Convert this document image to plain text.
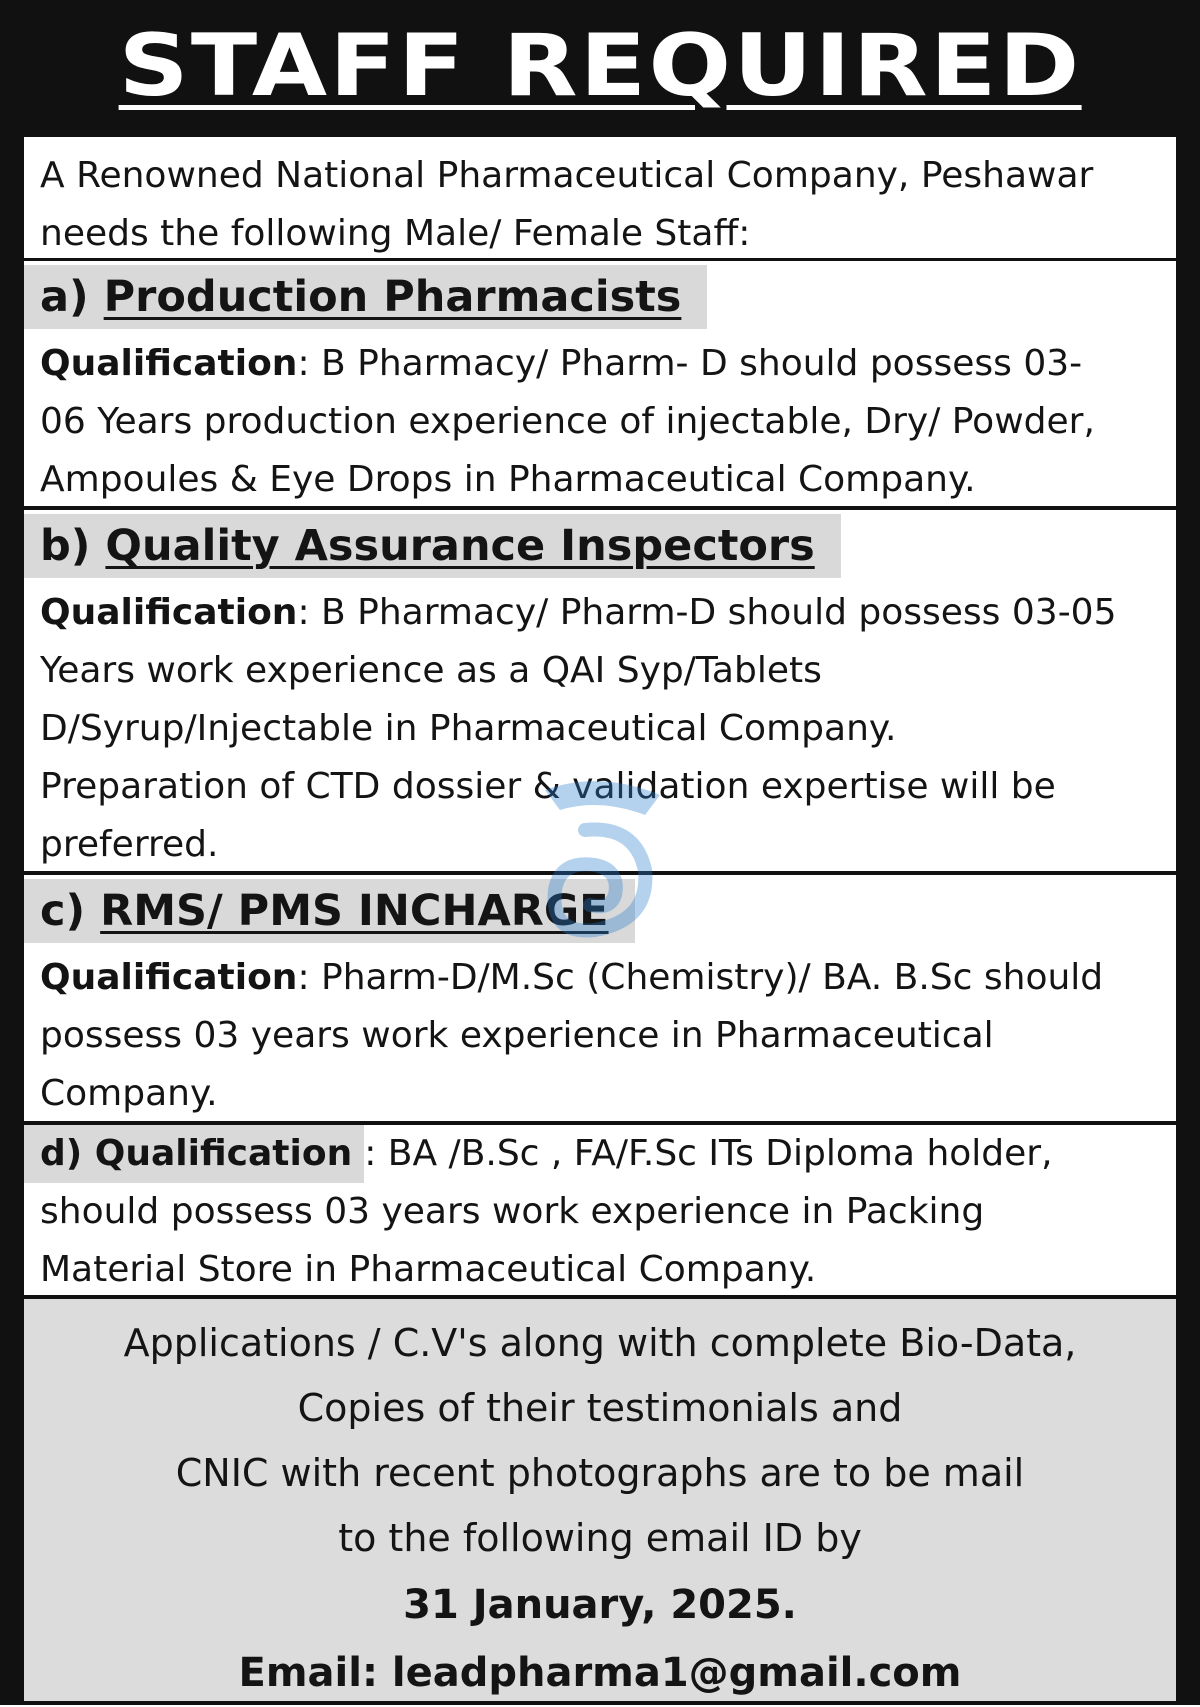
STAFF REQUIRED

A Renowned National Pharmaceutical Company, Peshawar

needs the following Male/ Female Staff:

a) Production Pharmacists

Qualification: B Pharmacy/ Pharm- D should possess 03-

06 Years production experience of injectable, Dry/ Powder,

Ampoules & Eye Drops in Pharmaceutical Company.

b) Quality Assurance Inspectors

Qualification: B Pharmacy/ Pharm-D should possess 03-05

Years work experience as a QAI Syp/Tablets

D/Syrup/Injectable in Pharmaceutical Company.

Preparation of CTD dossier & validation expertise will be

preferred.

c) RMS/ PMS INCHARGE

Qualification: Pharm-D/M.Sc (Chemistry)/ BA. B.Sc should

possess 03 years work experience in Pharmaceutical

Company.

d) Qualification : BA /B.Sc , FA/F.Sc ITs Diploma holder,

should possess 03 years work experience in Packing

Material Store in Pharmaceutical Company.

Applications / C.V's along with complete Bio-Data,

Copies of their testimonials and

CNIC with recent photographs are to be mail

to the following email ID by

31 January, 2025.

Email: leadpharma1@gmail.com
